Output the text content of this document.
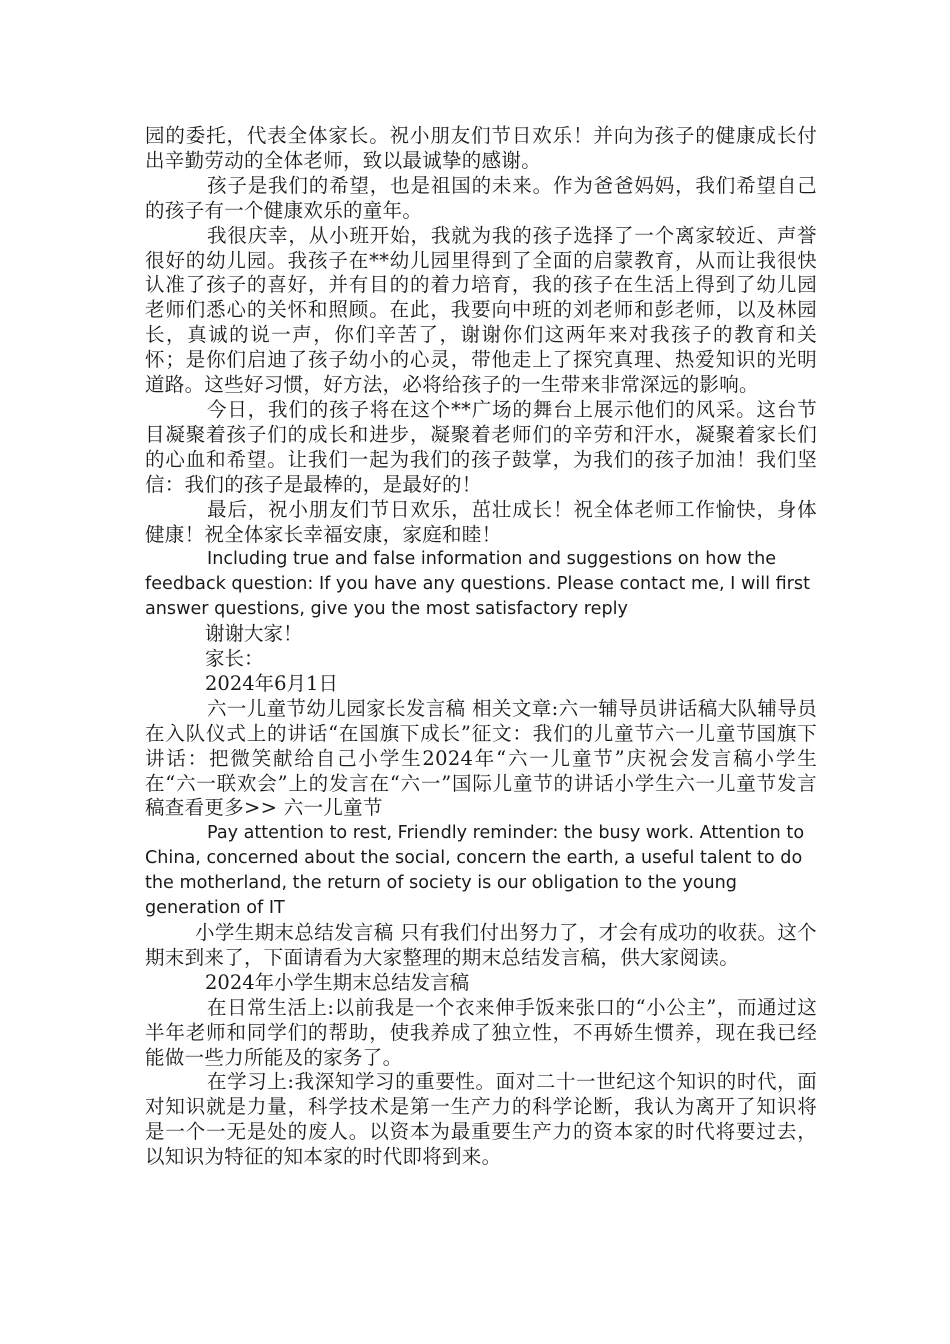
园的委托，代表全体家长。祝小朋友们节日欢乐！并向为孩子的健康成长付出辛勤劳动的全体老师，致以最诚挚的感谢。

孩子是我们的希望，也是祖国的未来。作为爸爸妈妈，我们希望自己的孩子有一个健康欢乐的童年。

我很庆幸，从小班开始，我就为我的孩子选择了一个离家较近、声誉很好的幼儿园。我孩子在**幼儿园里得到了全面的启蒙教育，从而让我很快认准了孩子的喜好，并有目的的着力培育，我的孩子在生活上得到了幼儿园老师们悉心的关怀和照顾。在此，我要向中班的刘老师和彭老师，以及林园长，真诚的说一声，你们辛苦了，谢谢你们这两年来对我孩子的教育和关怀；是你们启迪了孩子幼小的心灵，带他走上了探究真理、热爱知识的光明道路。这些好习惯，好方法，必将给孩子的一生带来非常深远的影响。

今日，我们的孩子将在这个**广场的舞台上展示他们的风采。这台节目凝聚着孩子们的成长和进步，凝聚着老师们的辛劳和汗水，凝聚着家长们的心血和希望。让我们一起为我们的孩子鼓掌，为我们的孩子加油！我们坚信：我们的孩子是最棒的，是最好的！

最后，祝小朋友们节日欢乐，茁壮成长！祝全体老师工作愉快，身体健康！祝全体家长幸福安康，家庭和睦！

Including true and false information and suggestions on how the feedback question: If you have any questions. Please contact me, I will first answer questions, give you the most satisfactory reply

谢谢大家！

家长：

2024年6月1日

六一儿童节幼儿园家长发言稿 相关文章:六一辅导员讲话稿大队辅导员在入队仪式上的讲话“在国旗下成长”征文：我们的儿童节六一儿童节国旗下讲话：把微笑献给自己小学生2024年“六一儿童节”庆祝会发言稿小学生在“六一联欢会”上的发言在“六一”国际儿童节的讲话小学生六一儿童节发言稿查看更多>> 六一儿童节

Pay attention to rest, Friendly reminder: the busy work. Attention to China, concerned about the social, concern the earth, a useful talent to do the motherland, the return of society is our obligation to the young generation of IT

小学生期末总结发言稿 只有我们付出努力了，才会有成功的收获。这个期末到来了，下面请看为大家整理的期末总结发言稿，供大家阅读。

2024年小学生期末总结发言稿

在日常生活上:以前我是一个衣来伸手饭来张口的“小公主”，而通过这半年老师和同学们的帮助，使我养成了独立性，不再娇生惯养，现在我已经能做一些力所能及的家务了。

在学习上:我深知学习的重要性。面对二十一世纪这个知识的时代，面对知识就是力量，科学技术是第一生产力的科学论断，我认为离开了知识将是一个一无是处的废人。以资本为最重要生产力的资本家的时代将要过去，以知识为特征的知本家的时代即将到来。
